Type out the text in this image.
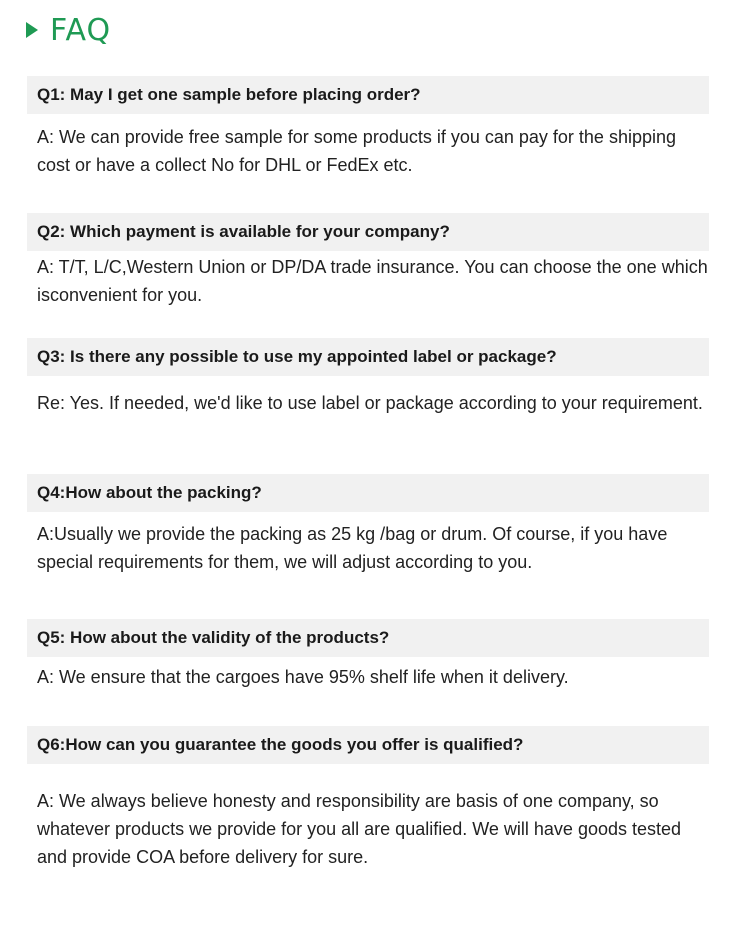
FAQ
Q1: May I get one sample before placing order?
A: We can provide free sample for some products if you can pay for the shipping cost or have a collect No for DHL or FedEx etc.
Q2: Which payment is available for your company?
A: T/T, L/C,Western Union or DP/DA trade insurance. You can choose the one which isconvenient for you.
Q3: Is there any possible to use my appointed label or package?
Re: Yes. If needed, we'd like to use label or package according to your requirement.
Q4:How about the packing?
A:Usually we provide the packing as 25 kg /bag or drum. Of course, if you have special requirements for them, we will adjust according to you.
Q5: How about the validity of the products?
A: We ensure that the cargoes have 95% shelf life when it delivery.
Q6:How can you guarantee the goods you offer is qualified?
A: We always believe honesty and responsibility are basis of one company, so whatever products we provide for you all are qualified. We will have goods tested and provide COA before delivery for sure.
